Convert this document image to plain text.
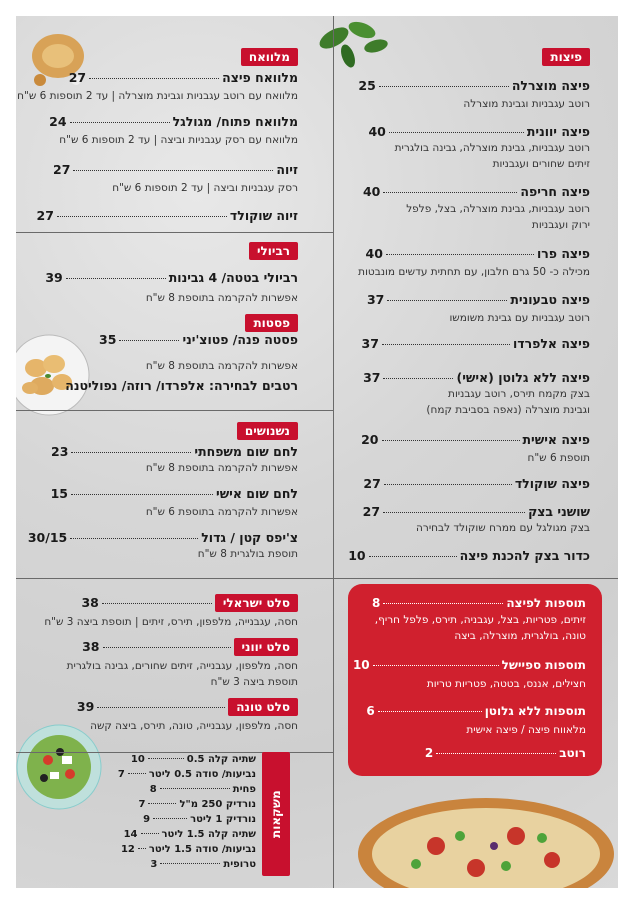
פיצות
פיצה מוצרלה25
רוטב עגבניות וגבינת מוצרלה
פיצה יוונית40
רוטב עגבניות, גבינת מוצרלה, גבינה בולגרית
זיתים שחורים ועגבניות
פיצה חריפה40
רוטב עגבניות, גבינת מוצרלה, בצל, פלפל
ירוק ועגבניות
פיצה פרו40
מכילה כ- 50 גרם חלבון, עם תחתית עדשים מונבטות
פיצה טבעונית37
רוטב עגבניות עם גבינת משומשו
פיצה אלפרדו37
פיצה ללא גלוטן (אישי)37
בצק מקמח תירס, רוטב עגבניות
וגבינת מוצרלה (נאפה בסביבת קמח)
פיצה אישית20
תוספת 6 ש"ח
פיצה שוקולד27
שושני בצק27
בצק מגולגל עם ממרח שוקולד לבחירה
כדור בצק להכנת פיצה10
תוספות לפיצה8
זיתים, פטריות, בצל, עגבניה, תירס, פלפל חריף,
טונה, בולגרית, מוצרלה, ביצה
תוספות ספיישל10
חצילים, אננס, בטטה, פטריות טריות
תוספות ללא גלוטן6
מלאווח פיצה / פיצה אישית
רוטב2
מלוואח
מלוואח פיצה27
מלוואח עם רוטב עגבניות וגבינת מוצרלה | עד 2 תוספות 6 ש"ח
מלוואח פתוח/ מגולגל24
מלוואח עם רסק עגבניות וביצה | עד 2 תוספות 6 ש"ח
זיוה27
רסק עגבניות וביצה | עד 2 תוספות 6 ש"ח
זיוה שוקולד27
רביולי
רביולי בטטה/ 4 גבינות39
אפשרות להקרמה בתוספת 8 ש"ח
פסטות
פסטה פנה/ פטוצ'יני35
אפשרות להקרמה בתוספת 8 ש"ח
רטבים לבחירה: אלפרדו/ רוזה/ נפוליטנה
נשנושים
לחם שום משפחתי23
אפשרות להקרמה בתוספת 8 ש"ח
לחם שום אישי15
אפשרות להקרמה בתוספת 6 ש"ח
צ'יפס קטן / גדול30/15
תוספת בולגרית 8 ש"ח
סלט ישראלי38
חסה, עגבנייה, מלפפון, תירס, זיתים | תוספת ביצה 3 ש"ח
סלט יווני38
חסה, מלפפון, עגבנייה, זיתים שחורים, גבינה בולגרית
תוספת ביצה 3 ש"ח
סלט טונה39
חסה, מלפפון, עגבנייה, טונה, תירס, ביצה קשה
משקאות
שתיה קלה 0.510
נביעות/ סודה 0.5 ליטר7
פחית8
נורדיק 250 מ"ל7
נורדיק 1 ליטר9
שתיה קלה 1.5 ליטר14
נביעות/ סודה 1.5 ליטר12
טרופית3
